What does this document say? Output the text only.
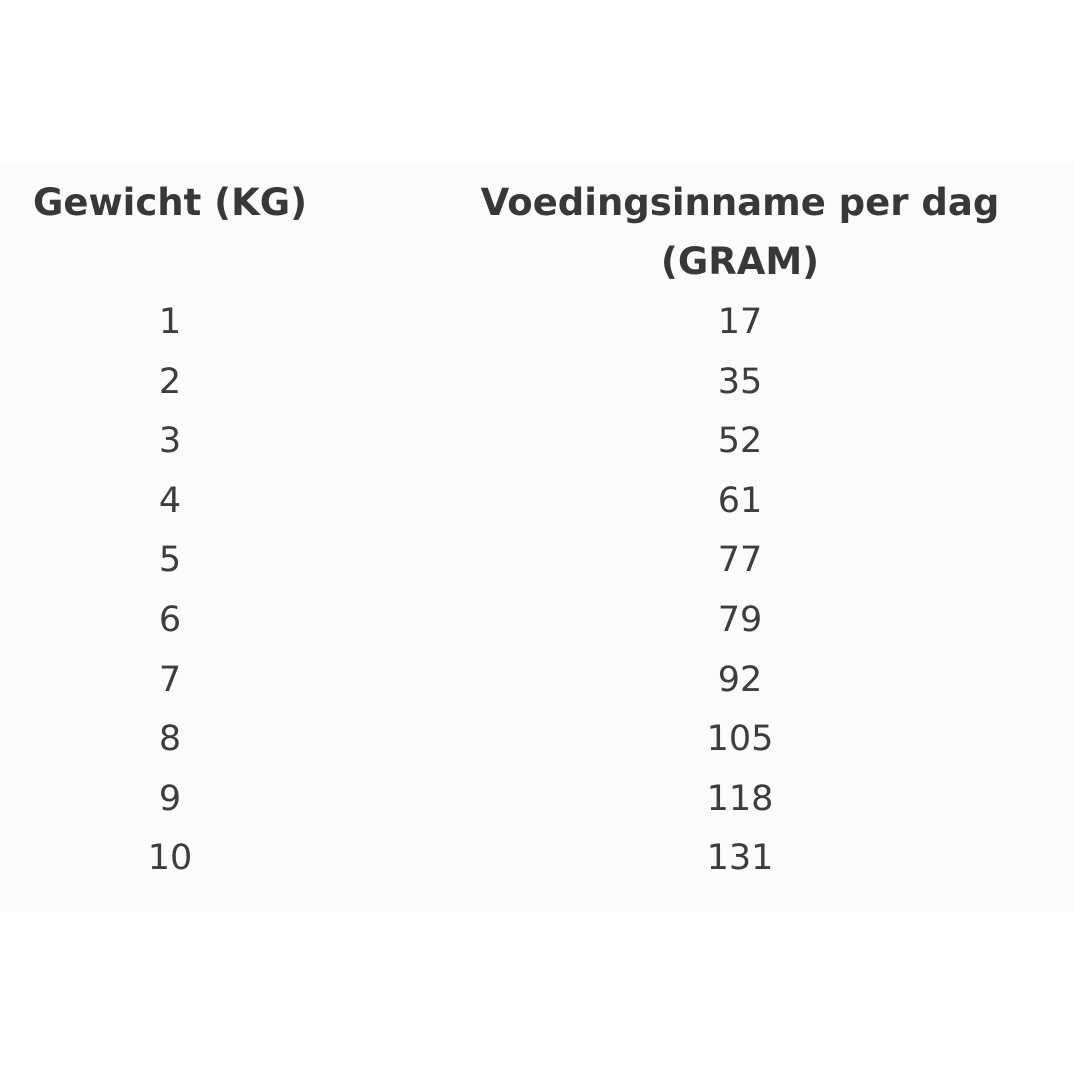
Gewicht (KG)	Voedingsinname per dag
(GRAM)
1	17
2	35
3	52
4	61
5	77
6	79
7	92
8	105
9	118
10	131
